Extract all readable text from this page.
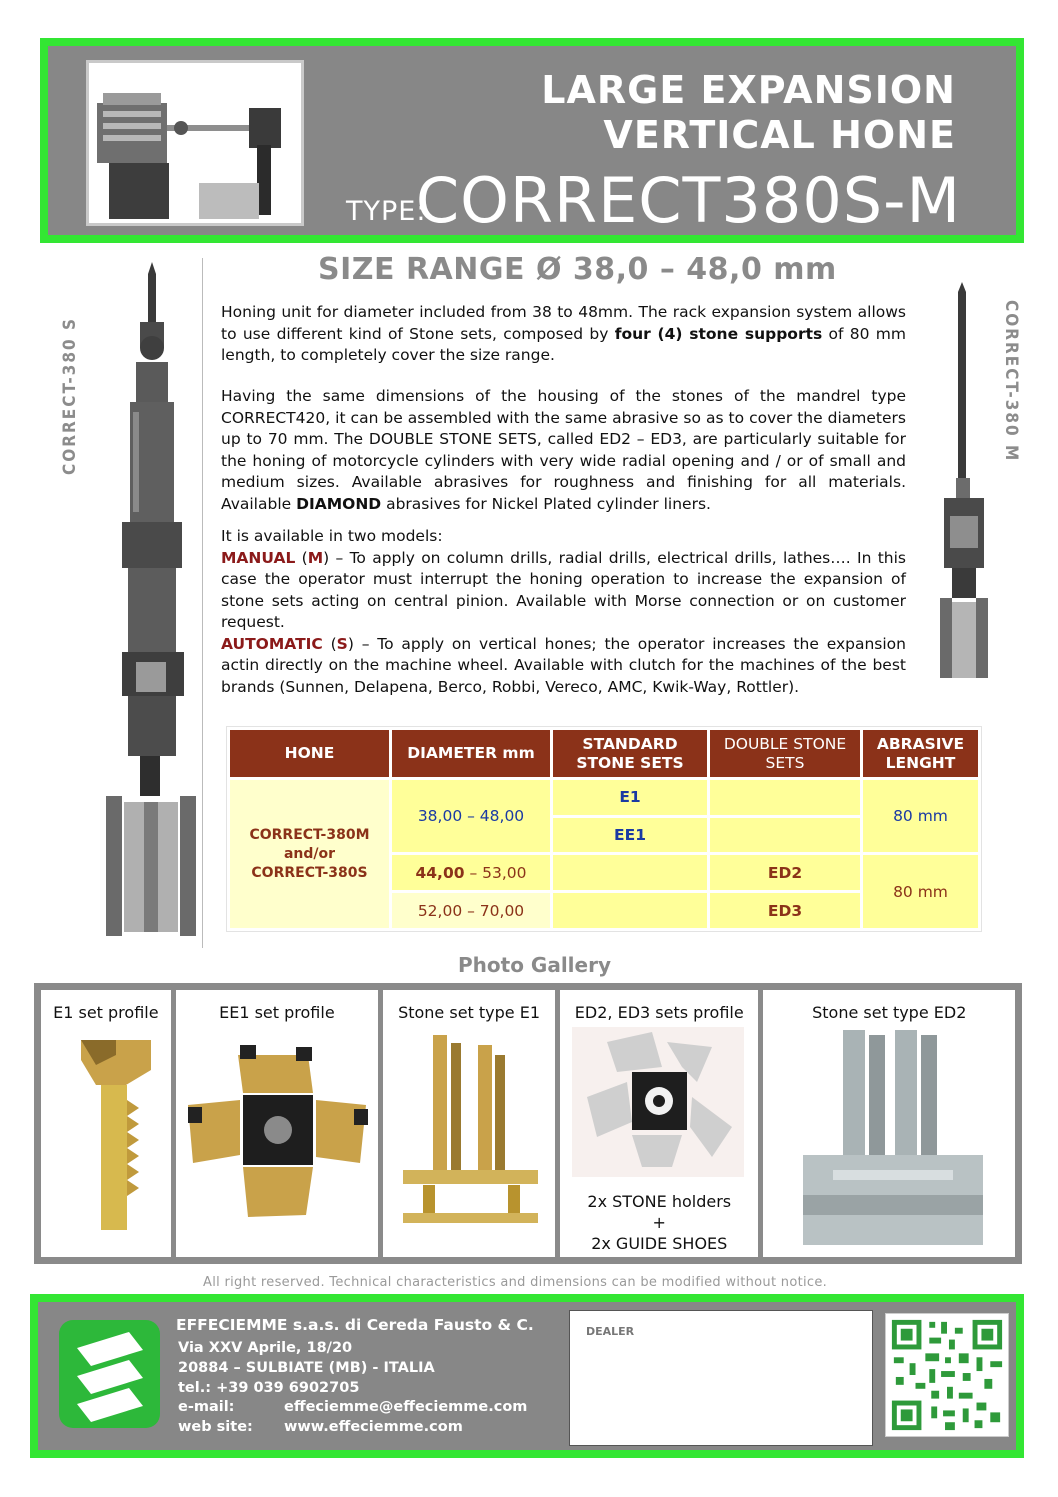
LARGE EXPANSION
VERTICAL HONE
TYPE:
CORRECT380S-M
CORRECT-380 S	CORRECT-380 M
SIZE RANGE Ø 38,0 – 48,0 mm
Honing unit for diameter included from 38 to 48mm. The rack expansion system allows to use different kind of Stone sets, composed by four (4) stone supports of 80 mm length, to completely cover the size range.
Having the same dimensions of the housing of the stones of the mandrel type CORRECT420, it can be assembled with the same abrasive so as to cover the diameters up to 70 mm. The DOUBLE STONE SETS, called ED2 – ED3, are particularly suitable for the honing of motorcycle cylinders with very wide radial opening and / or of small and medium sizes. Available abrasives for roughness and finishing for all materials. Available DIAMOND abrasives for Nickel Plated cylinder liners.
It is available in two models:
MANUAL (M) – To apply on column drills, radial drills, electrical drills, lathes…. In this case the operator must interrupt the honing operation to increase the expansion of stone sets acting on central pinion. Available with Morse connection or on customer request.
AUTOMATIC (S) – To apply on vertical hones; the operator increases the expansion actin directly on the machine wheel. Available with clutch for the machines of the best brands (Sunnen, Delapena, Berco, Robbi, Vereco, AMC, Kwik-Way, Rottler).
HONE	DIAMETER mm	STANDARD STONE SETS	DOUBLE STONE SETS	ABRASIVE LENGHT

CORRECT-380M
and/or
CORRECT-380S	38,00 – 48,00	E1		80 mm
		EE1		
	44,00 – 53,00		ED2	80 mm
	52,00 – 70,00		ED3	
Photo Gallery
E1 set profile	EE1 set profile	Stone set type E1	ED2, ED3 sets profile
2x STONE holders
+
2x GUIDE SHOES
Stone set type ED2
All right reserved. Technical characteristics and dimensions can be modified without notice.
EFFECIEMME s.a.s. di Cereda Fausto & C.
Via XXV Aprile, 18/20
20884 – SULBIATE (MB) - ITALIA
tel.: +39 039 6902705
e-mail:	effeciemme@effeciemme.com
web site: www.effeciemme.com
DEALER
